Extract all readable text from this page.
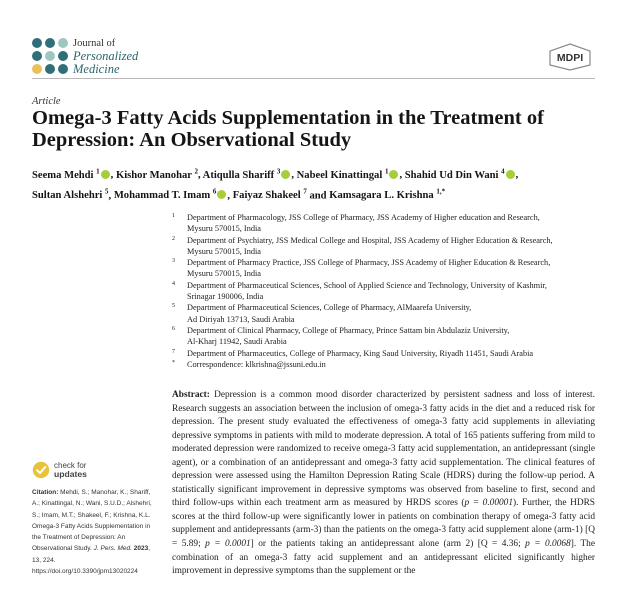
Journal of
Personalized
Medicine
MDPI
Article
Omega-3 Fatty Acids Supplementation in the Treatment of Depression: An Observational Study
Seema Mehdi $^1$ , Kishor Manohar $^2$, Atiqulla Shariff $^3$ , Nabeel Kinattingal $^1$ , Shahid Ud Din Wani $^4$ ,
Sultan Alshehri $^5$, Mohammad T. Imam $^6$ , Faiyaz Shakeel $^7$ and Kamsagara L. Krishna $^{1,*}$
1 Department of Pharmacology, JSS College of Pharmacy, JSS Academy of Higher education and Research,
Mysuru 570015, India
2 Department of Psychiatry, JSS Medical College and Hospital, JSS Academy of Higher Education & Research,
Mysuru 570015, India
3 Department of Pharmacy Practice, JSS College of Pharmacy, JSS Academy of Higher Education & Research,
Mysuru 570015, India
4 Department of Pharmaceutical Sciences, School of Applied Science and Technology, University of Kashmir,
Srinagar 190006, India
5 Department of Pharmaceutical Sciences, College of Pharmacy, AlMaarefa University,
Ad Diriyah 13713, Saudi Arabia
6 Department of Clinical Pharmacy, College of Pharmacy, Prince Sattam bin Abdulaziz University,
Al-Kharj 11942, Saudi Arabia
7 Department of Pharmaceutics, College of Pharmacy, King Saud University, Riyadh 11451, Saudi Arabia
* Correspondence: klkrishna@jssuni.edu.in
Abstract: Depression is a common mood disorder characterized by persistent sadness and loss of interest. Research suggests an association between the inclusion of omega-3 fatty acids in the diet and a reduced risk for depression. The present study evaluated the effectiveness of omega-3 fatty acid supplements in alleviating depressive symptoms in patients with mild to moderate depression. A total of 165 patients suffering from mild to moderated depression were randomized to receive omega-3 fatty acid supplementation, an antidepressant (single agent), or a combination of an antidepressant and omega-3 fatty acid supplementation. The clinical features of depression were assessed using the Hamilton Depression Rating Scale (HDRS) during the follow-up period. A statistically significant improvement in depressive symptoms was observed from baseline to first, second and third follow-ups within each treatment arm as measured by HRDS scores (p = 0.00001). Further, the HDRS scores at the third follow-up were significantly lower in patients on combination therapy of omega-3 fatty acid supplement and antidepressants (arm-3) than the patients on the omega-3 fatty acid supplement alone (arm-1) [Q = 5.89; p = 0.0001] or the patients taking an antidepressant alone (arm 2) [Q = 4.36; p = 0.0068]. The combination of an omega-3 fatty acid supplement and an antidepressant elicited significantly higher improvement in depressive symptoms than the supplement or the
check for
updates
Citation: Mehdi, S.; Manohar, K.; Shariff, A.; Kinattingal, N.; Wani, S.U.D.; Alshehri, S.; Imam, M.T.; Shakeel, F.; Krishna, K.L. Omega-3 Fatty Acids Supplementation in the Treatment of Depression: An Observational Study. J. Pers. Med. 2023, 13, 224. https://doi.org/10.3390/jpm13020224
